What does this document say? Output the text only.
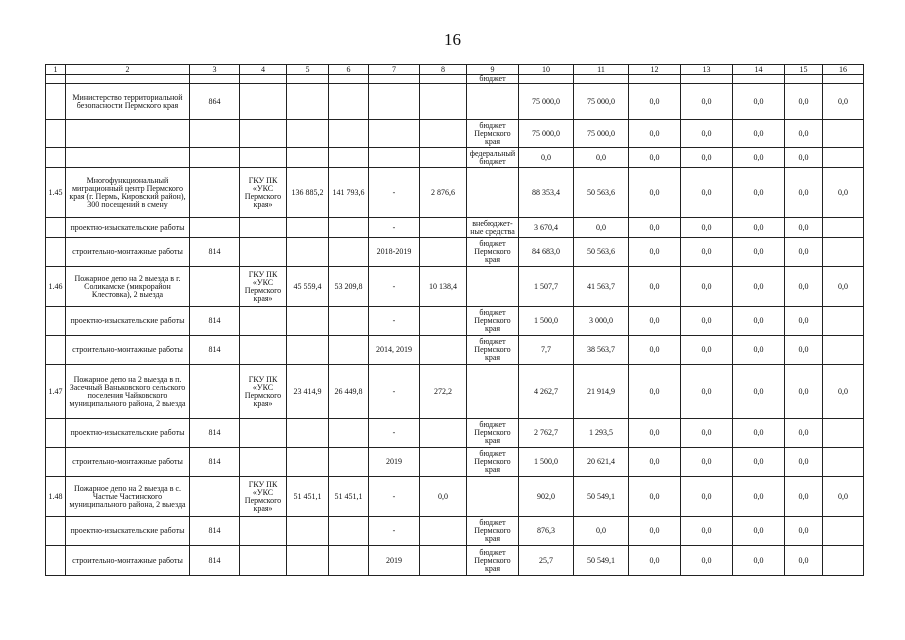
16
1	2	3	4	5	6	7	8	9	10	11	12	13	14	15	16
								бюджет							
	Министерство территориальной безопасности Пермского края	864							75 000,0	75 000,0	0,0	0,0	0,0	0,0	0,0
								бюджет Пермского края	75 000,0	75 000,0	0,0	0,0	0,0	0,0	
								федеральный бюджет	0,0	0,0	0,0	0,0	0,0	0,0	
1.45	Многофункциональный миграционный центр Пермского края (г. Пермь, Кировский район), 300 посещений в смену		ГКУ ПК «УКС Пермского края»	136 885,2	141 793,6	-	2 876,6		88 353,4	50 563,6	0,0	0,0	0,0	0,0	0,0
	проектно-изыскательские работы					-		внебюджет-ные средства	3 670,4	0,0	0,0	0,0	0,0	0,0	
	строительно-монтажные работы	814				2018-2019		бюджет Пермского края	84 683,0	50 563,6	0,0	0,0	0,0	0,0	
1.46	Пожарное депо на 2 выезда в г. Соликамске (микрорайон Клестовка), 2 выезда		ГКУ ПК «УКС Пермского края»	45 559,4	53 209,8	-	10 138,4		1 507,7	41 563,7	0,0	0,0	0,0	0,0	0,0
	проектно-изыскательские работы	814				-		бюджет Пермского края	1 500,0	3 000,0	0,0	0,0	0,0	0,0	
	строительно-монтажные работы	814				2014, 2019		бюджет Пермского края	7,7	38 563,7	0,0	0,0	0,0	0,0	
1.47	Пожарное депо на 2 выезда в п. Засечный Ваньковского сельского поселения Чайковского муниципального района, 2 выезда		ГКУ ПК «УКС Пермского края»	23 414,9	26 449,8	-	272,2		4 262,7	21 914,9	0,0	0,0	0,0	0,0	0,0
	проектно-изыскательские работы	814				-		бюджет Пермского края	2 762,7	1 293,5	0,0	0,0	0,0	0,0	
	строительно-монтажные работы	814				2019		бюджет Пермского края	1 500,0	20 621,4	0,0	0,0	0,0	0,0	
1.48	Пожарное депо на 2 выезда в с. Частые Частинского муниципального района, 2 выезда		ГКУ ПК «УКС Пермского края»	51 451,1	51 451,1	-	0,0		902,0	50 549,1	0,0	0,0	0,0	0,0	0,0
	проектно-изыскательские работы	814				-		бюджет Пермского края	876,3	0,0	0,0	0,0	0,0	0,0	
	строительно-монтажные работы	814				2019		бюджет Пермского края	25,7	50 549,1	0,0	0,0	0,0	0,0	
